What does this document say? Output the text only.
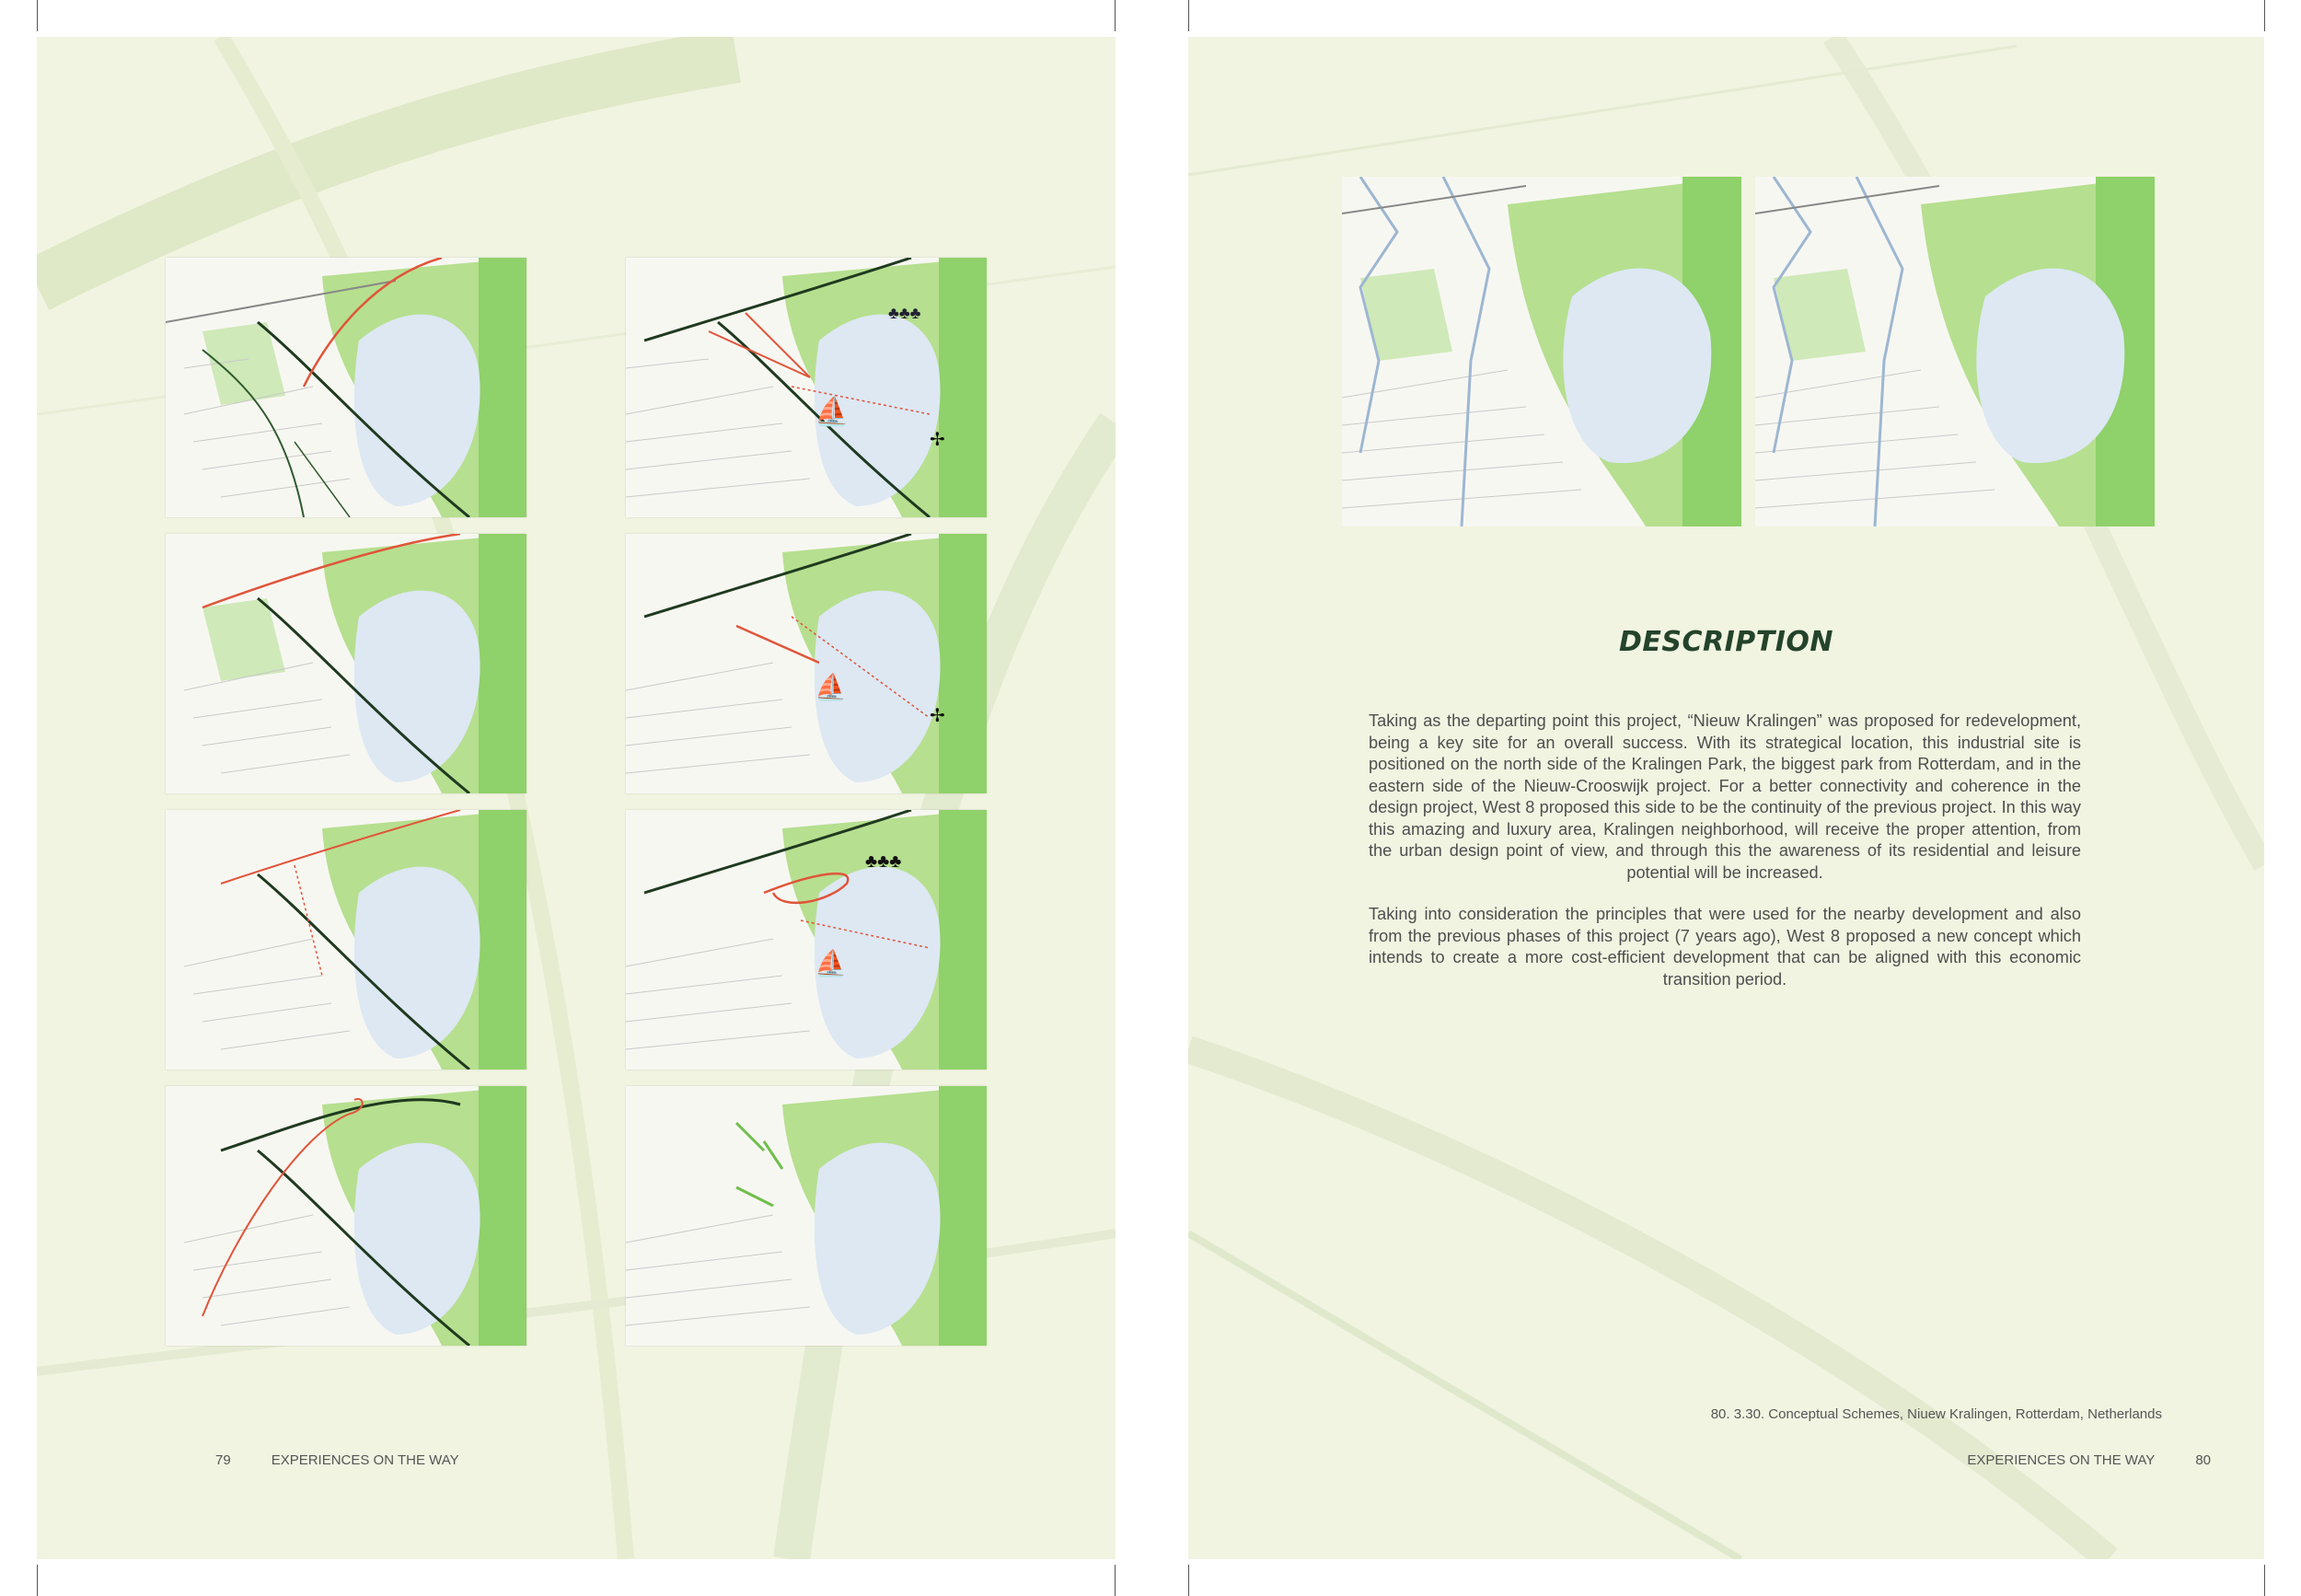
⛵
✢
♣♣♣
⛵
✢
⛵
♣♣♣
79	EXPERIENCES ON THE WAY
DESCRIPTION

Taking as the departing point this project, “Nieuw Kralingen” was proposed for redevelopment, being a key site for an overall success. With its strategical location, this industrial site is positioned on the north side of the Kralingen Park, the biggest park from Rotterdam, and in the eastern side of the Nieuw-Crooswijk project. For a better connectivity and coherence in the design project, West 8 proposed this side to be the continuity of the previous project. In this way this amazing and luxury area, Kralingen neighborhood, will receive the proper attention, from the urban design point of view, and through this the awareness of its residential and leisure potential will be increased.

Taking into consideration the principles that were used for the nearby development and also from the previous phases of this project (7 years ago), West 8 proposed a new concept which intends to create a more cost-efficient development that can be aligned with this economic transition period.

80. 3.30. Conceptual Schemes, Niuew Kralingen, Rotterdam, Netherlands
EXPERIENCES ON THE WAY	80
